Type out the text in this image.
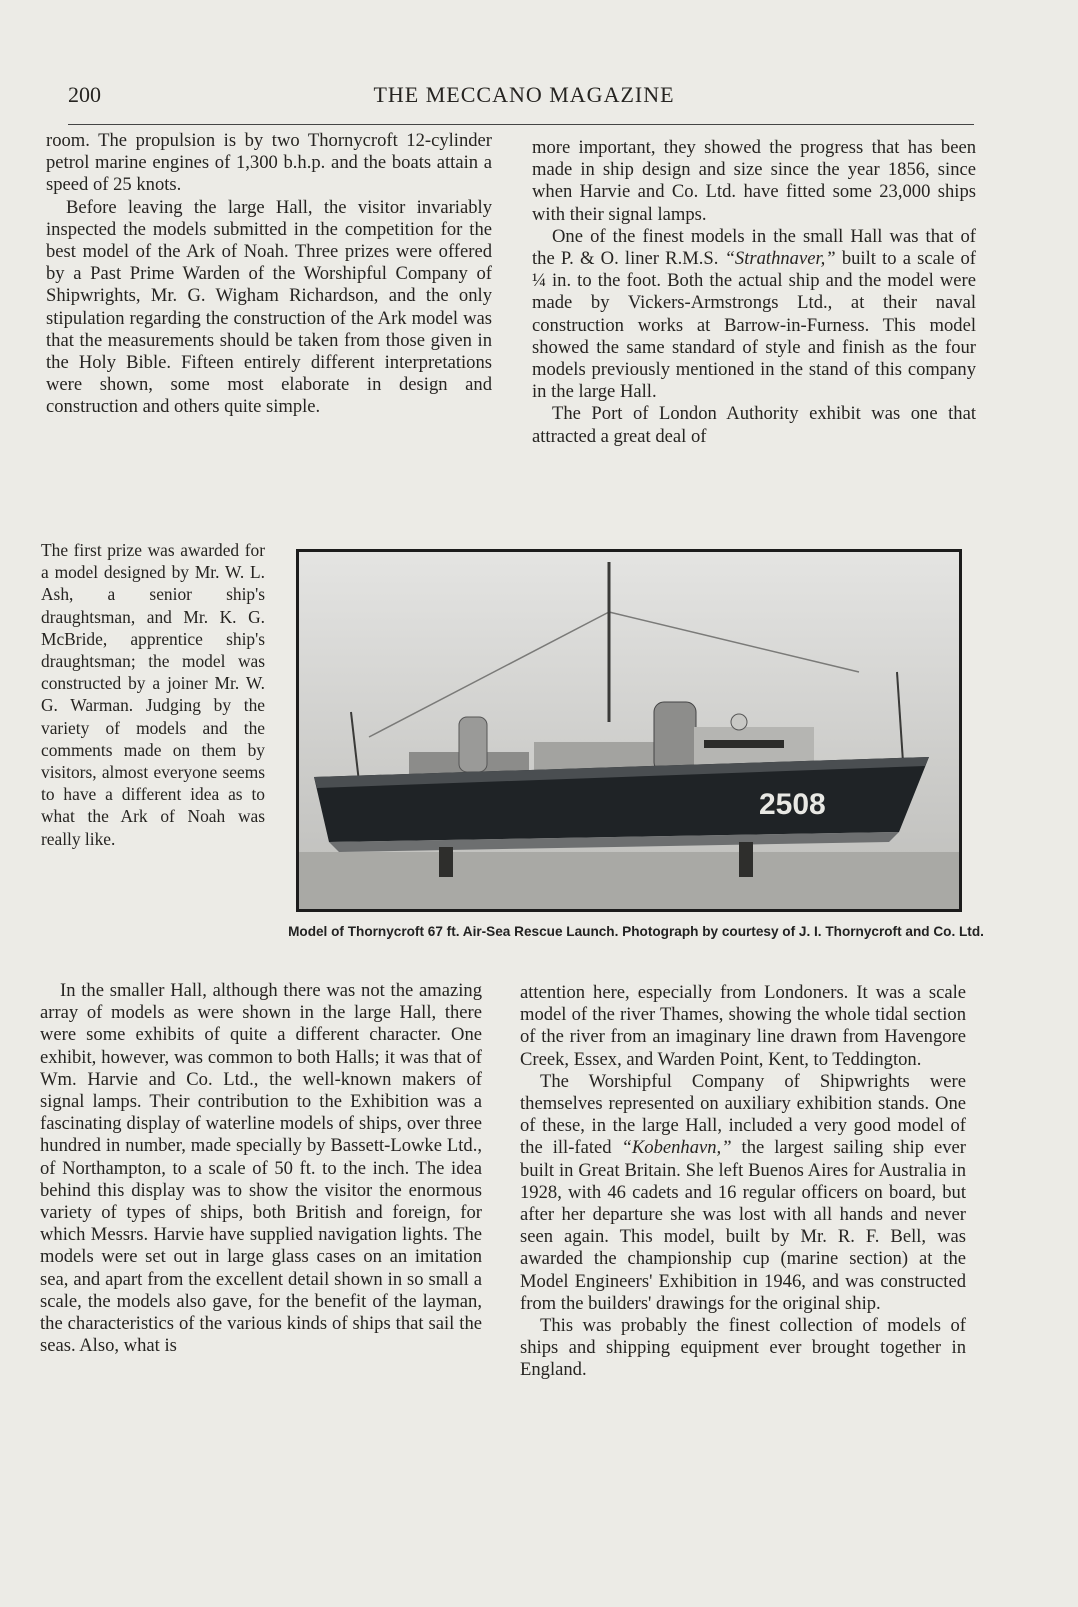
200	THE MECCANO MAGAZINE

room. The propulsion is by two Thornycroft 12-cylinder petrol marine engines of 1,300 b.h.p. and the boats attain a speed of 25 knots.

Before leaving the large Hall, the visitor invariably inspected the models submitted in the competition for the best model of the Ark of Noah. Three prizes were offered by a Past Prime Warden of the Worshipful Company of Shipwrights, Mr. G. Wigham Richardson, and the only stipulation regarding the construction of the Ark model was that the measurements should be taken from those given in the Holy Bible. Fifteen entirely different interpretations were shown, some most elaborate in design and construction and others quite simple.

The first prize was awarded for a model designed by Mr. W. L. Ash, a senior ship's draughtsman, and Mr. K. G. McBride, apprentice ship's draughtsman; the model was constructed by a joiner Mr. W. G. Warman. Judging by the variety of models and the comments made on them by visitors, almost everyone seems to have a different idea as to what the Ark of Noah was really like.

In the smaller Hall, although there was not the amazing array of models as were shown in the large Hall, there were some exhibits of quite a different character. One exhibit, however, was common to both Halls; it was that of Wm. Harvie and Co. Ltd., the well-known makers of signal lamps. Their contribution to the Exhibition was a fascinating display of waterline models of ships, over three hundred in number, made specially by Bassett-Lowke Ltd., of Northampton, to a scale of 50 ft. to the inch. The idea behind this display was to show the visitor the enormous variety of types of ships, both British and foreign, for which Messrs. Harvie have supplied navigation lights. The models were set out in large glass cases on an imitation sea, and apart from the excellent detail shown in so small a scale, the models also gave, for the benefit of the layman, the characteristics of the various kinds of ships that sail the seas. Also, what is

more important, they showed the progress that has been made in ship design and size since the year 1856, since when Harvie and Co. Ltd. have fitted some 23,000 ships with their signal lamps.

One of the finest models in the small Hall was that of the P. & O. liner R.M.S. “Strathnaver,” built to a scale of ¼ in. to the foot. Both the actual ship and the model were made by Vickers-Armstrongs Ltd., at their naval construction works at Barrow-in-Furness. This model showed the same standard of style and finish as the four models previously mentioned in the stand of this company in the large Hall.

The Port of London Authority exhibit was one that attracted a great deal of

2508
Model of Thornycroft 67 ft. Air-Sea Rescue Launch. Photograph by courtesy of J. I. Thornycroft and Co. Ltd.

attention here, especially from Londoners. It was a scale model of the river Thames, showing the whole tidal section of the river from an imaginary line drawn from Havengore Creek, Essex, and Warden Point, Kent, to Teddington.

The Worshipful Company of Shipwrights were themselves represented on auxiliary exhibition stands. One of these, in the large Hall, included a very good model of the ill-fated “Kobenhavn,” the largest sailing ship ever built in Great Britain. She left Buenos Aires for Australia in 1928, with 46 cadets and 16 regular officers on board, but after her departure she was lost with all hands and never seen again. This model, built by Mr. R. F. Bell, was awarded the championship cup (marine section) at the Model Engineers' Exhibition in 1946, and was constructed from the builders' drawings for the original ship.

This was probably the finest collection of models of ships and shipping equipment ever brought together in England.
